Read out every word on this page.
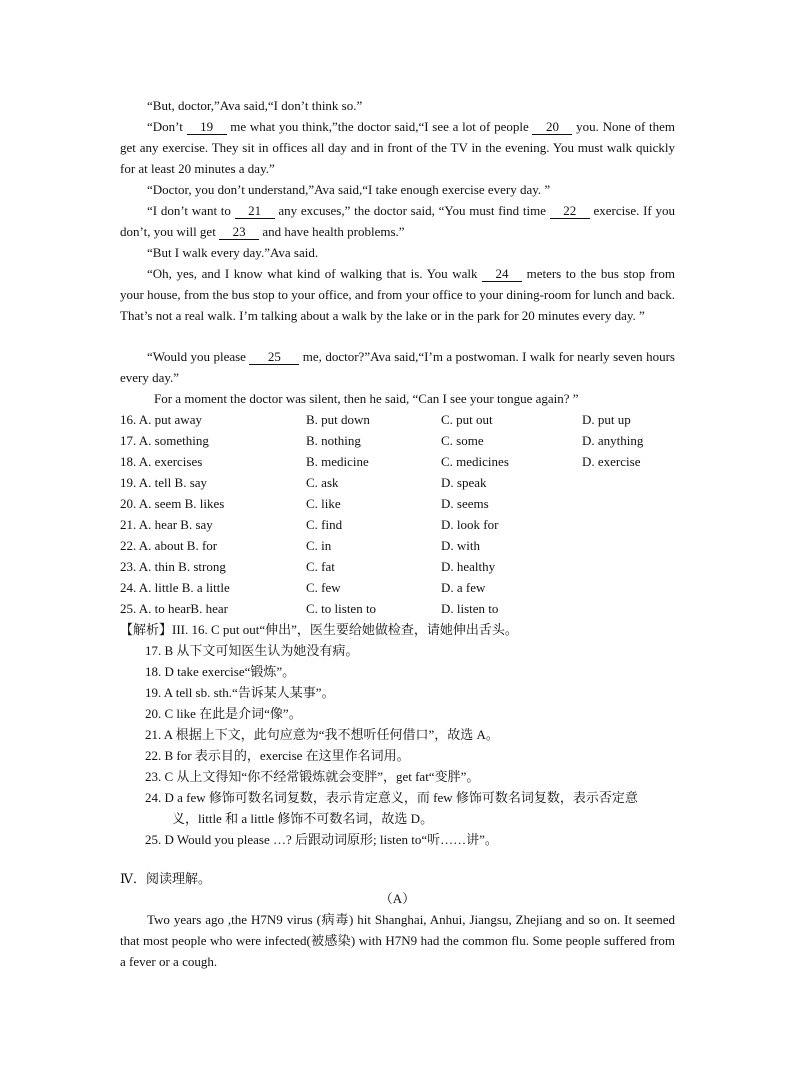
“But, doctor,”Ava said,“I don’t think so.”
“Don’t 19 me what you think,”the doctor said,“I see a lot of people 20 you. None of them get any exercise. They sit in offices all day and in front of the TV in the evening. You must walk quickly for at least 20 minutes a day.”
“Doctor, you don’t understand,”Ava said,“I take enough exercise every day. ”
“I don’t want to 21 any excuses,” the doctor said, “You must find time 22 exercise. If you don’t, you will get 23 and have health problems.”
“But I walk every day.”Ava said.
“Oh, yes, and I know what kind of walking that is. You walk 24 meters to the bus stop from your house, from the bus stop to your office, and from your office to your dining-room for lunch and back. That’s not a real walk. I’m talking about a walk by the lake or in the park for 20 minutes every day. ”
“Would you please 25 me, doctor?”Ava said,“I’m a postwoman. I walk for nearly seven hours every day.”
For a moment the doctor was silent, then he said, “Can I see your tongue again? ”
16. A. put away	B. put down	C. put out	D. put up
17. A. something	B. nothing	C. some	D. anything
18. A. exercises	B. medicine	C. medicines	D. exercise
19. A. tell B. say	C. ask	D. speak
20. A. seem B. likes	C. like	D. seems
21. A. hear B. say	C. find	D. look for
22. A. about B. for	C. in	D. with
23. A. thin B. strong	C. fat	D. healthy
24. A. little B. a little	C. few	D. a few
25. A. to hearB. hear	C. to listen to	D. listen to
【解析】III. 16. C put out“伸出”，医生要给她做检查，请她伸出舌头。
17. B 从下文可知医生认为她没有病。
18. D take exercise“锻炼”。
19. A tell sb. sth.“告诉某人某事”。
20. C like 在此是介词“像”。
21. A 根据上下文，此句应意为“我不想听任何借口”，故选 A。
22. B for 表示目的，exercise 在这里作名词用。
23. C 从上文得知“你不经常锻炼就会变胖”，get fat“变胖”。
24. D a few 修饰可数名词复数，表示肯定意义，而 few 修饰可数名词复数，表示否定意
义，little 和 a little 修饰不可数名词，故选 D。
25. D Would you please …? 后跟动词原形; listen to“听……讲”。
Ⅳ．阅读理解。
（A）
Two years ago ,the H7N9 virus (病毒) hit Shanghai, Anhui, Jiangsu, Zhejiang and so on. It seemed that most people who were infected(被感染) with H7N9 had the common flu. Some people suffered from a fever or a cough.
